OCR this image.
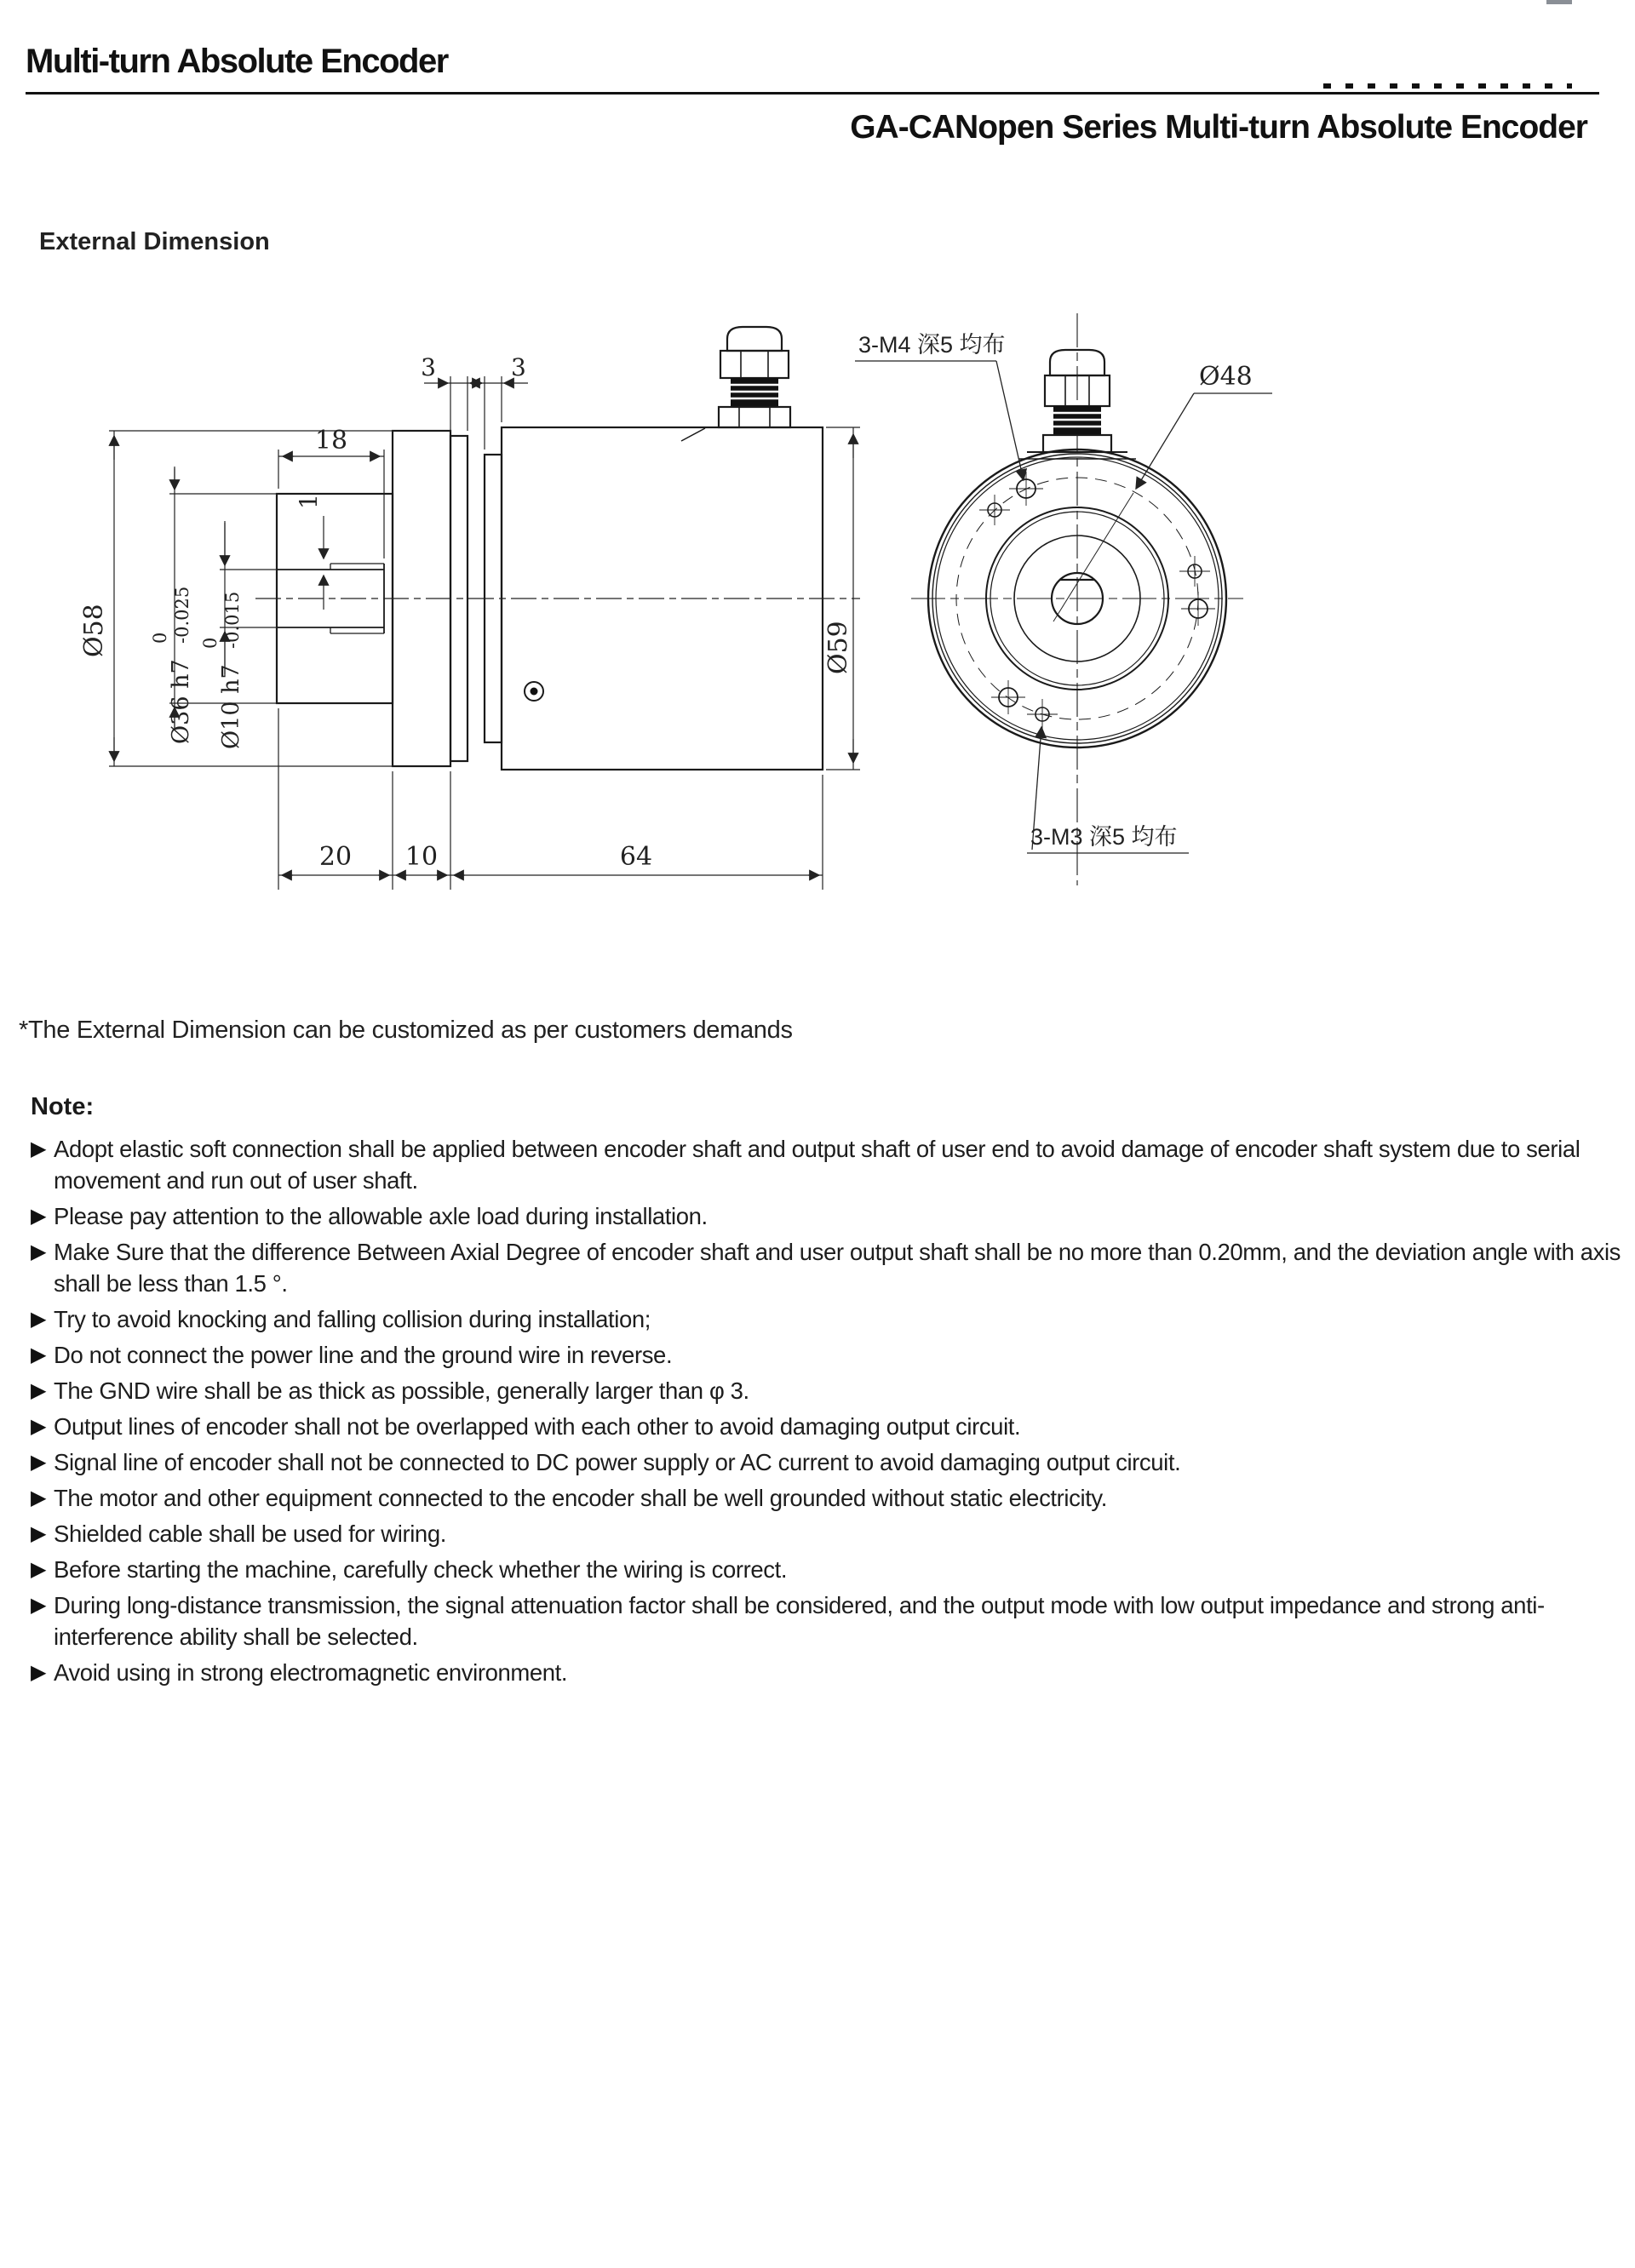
Multi-turn Absolute Encoder
GA-CANopen Series Multi-turn Absolute Encoder
External Dimension
Ø58
Ø36 h7
0 -0.025
Ø10 h7
0 -0.015
1
18
3	3
Ø59
20 10	64
3-M4 深5 均布
Ø48
3-M3 深5 均布
*The External Dimension can be customized as per customers demands

Note:

▶ Adopt elastic soft connection shall be applied between encoder shaft and output shaft of user end to avoid damage of encoder shaft system due to serial movement and run out of user shaft.
▶ Please pay attention to the allowable axle load during installation.
▶ Make Sure that the difference Between Axial Degree of encoder shaft and user output shaft shall be no more than 0.20mm, and the deviation angle with axis shall be less than 1.5 °.
▶ Try to avoid knocking and falling collision during installation;
▶ Do not connect the power line and the ground wire in reverse.
▶ The GND wire shall be as thick as possible, generally larger than φ 3.
▶ Output lines of encoder shall not be overlapped with each other to avoid damaging output circuit.
▶ Signal line of encoder shall not be connected to DC power supply or AC current to avoid damaging output circuit.
▶ The motor and other equipment connected to the encoder shall be well grounded without static electricity.
▶ Shielded cable shall be used for wiring.
▶ Before starting the machine, carefully check whether the wiring is correct.
▶ During long-distance transmission, the signal attenuation factor shall be considered, and the output mode with low output impedance and strong anti-interference ability shall be selected.
▶ Avoid using in strong electromagnetic environment.
